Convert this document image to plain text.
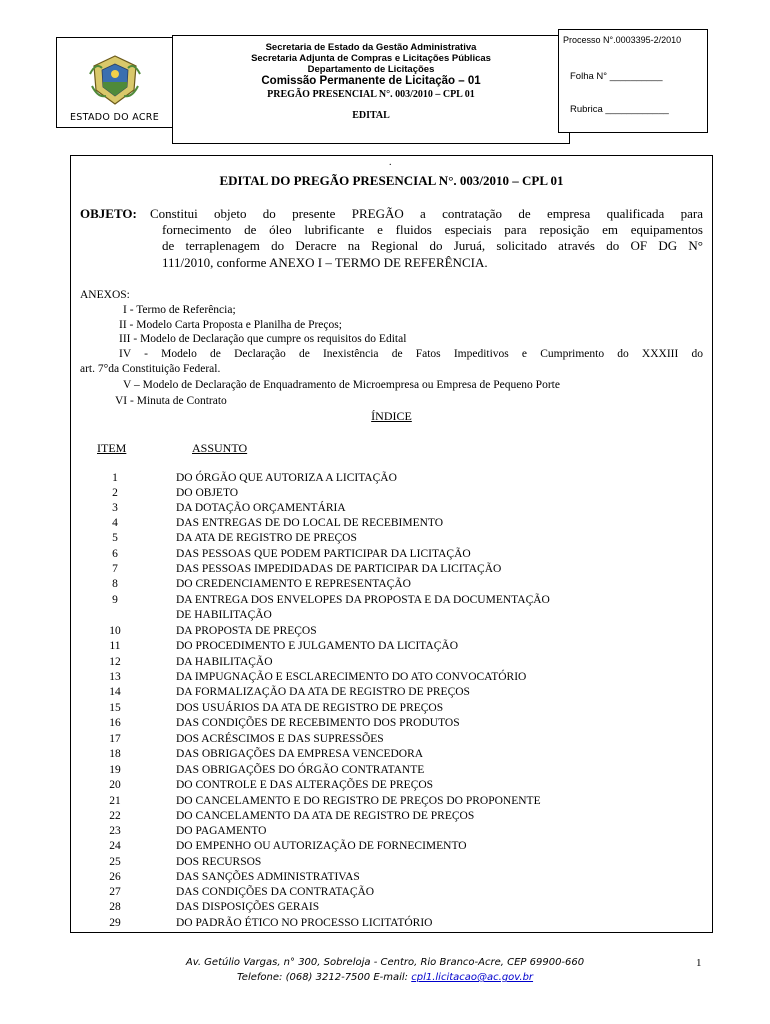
ESTADO DO ACRE
Secretaria de Estado da Gestão Administrativa
Secretaria Adjunta de Compras e Licitações Públicas
Departamento de Licitações
Comissão Permanente de Licitação – 01
PREGÃO PRESENCIAL N°. 003/2010 – CPL 01
EDITAL
Processo N°.0003395-2/2010
Folha N° __________
Rubrica ____________
.
EDITAL DO PREGÃO PRESENCIAL N°. 003/2010 – CPL 01
OBJETO: Constitui objeto do presente PREGÃO a contratação de empresa qualificada para
fornecimento de óleo lubrificante e fluidos especiais para reposição em equipamentos
de terraplenagem do Deracre na Regional do Juruá, solicitado através do OF DG N°
111/2010, conforme ANEXO I – TERMO DE REFERÊNCIA.
ANEXOS:
I - Termo de Referência;
II - Modelo Carta Proposta e Planilha de Preços;
III - Modelo de Declaração que cumpre os requisitos do Edital
IV - Modelo de Declaração de Inexistência de Fatos Impeditivos e Cumprimento do XXXIII do
art. 7°da Constituição Federal.
V – Modelo de Declaração de Enquadramento de Microempresa ou Empresa de Pequeno Porte
VI - Minuta de Contrato
ÍNDICE
ITEM	ASSUNTO
1	DO ÓRGÃO QUE AUTORIZA A LICITAÇÃO
2	DO OBJETO
3	DA DOTAÇÃO ORÇAMENTÁRIA
4	DAS ENTREGAS DE DO LOCAL DE RECEBIMENTO
5	DA ATA DE REGISTRO DE PREÇOS
6	DAS PESSOAS QUE PODEM PARTICIPAR DA LICITAÇÃO
7	DAS PESSOAS IMPEDIDADAS DE PARTICIPAR DA LICITAÇÃO
8	DO CREDENCIAMENTO E REPRESENTAÇÃO
9	DA ENTREGA DOS ENVELOPES DA PROPOSTA E DA DOCUMENTAÇÃO
DE HABILITAÇÃO
10	DA PROPOSTA DE PREÇOS
11	DO PROCEDIMENTO E JULGAMENTO DA LICITAÇÃO
12	DA HABILITAÇÃO
13	DA IMPUGNAÇÃO E ESCLARECIMENTO DO ATO CONVOCATÓRIO
14	DA FORMALIZAÇÃO DA ATA DE REGISTRO DE PREÇOS
15	DOS USUÁRIOS DA ATA DE REGISTRO DE PREÇOS
16	DAS CONDIÇÕES DE RECEBIMENTO DOS PRODUTOS
17	DOS ACRÉSCIMOS E DAS SUPRESSÕES
18	DAS OBRIGAÇÕES DA EMPRESA VENCEDORA
19	DAS OBRIGAÇÕES DO ÓRGÃO CONTRATANTE
20	DO CONTROLE E DAS ALTERAÇÕES DE PREÇOS
21	DO CANCELAMENTO E DO REGISTRO DE PREÇOS DO PROPONENTE
22	DO CANCELAMENTO DA ATA DE REGISTRO DE PREÇOS
23	DO PAGAMENTO
24	DO EMPENHO OU AUTORIZAÇÃO DE FORNECIMENTO
25	DOS RECURSOS
26	DAS SANÇÕES ADMINISTRATIVAS
27	DAS CONDIÇÕES DA CONTRATAÇÃO
28	DAS DISPOSIÇÕES GERAIS
29	DO PADRÃO ÉTICO NO PROCESSO LICITATÓRIO
Av. Getúlio Vargas, n° 300, Sobreloja - Centro, Rio Branco-Acre, CEP 69900-660
Telefone: (068) 3212-7500 E-mail: cpl1.licitacao@ac.gov.br
1
